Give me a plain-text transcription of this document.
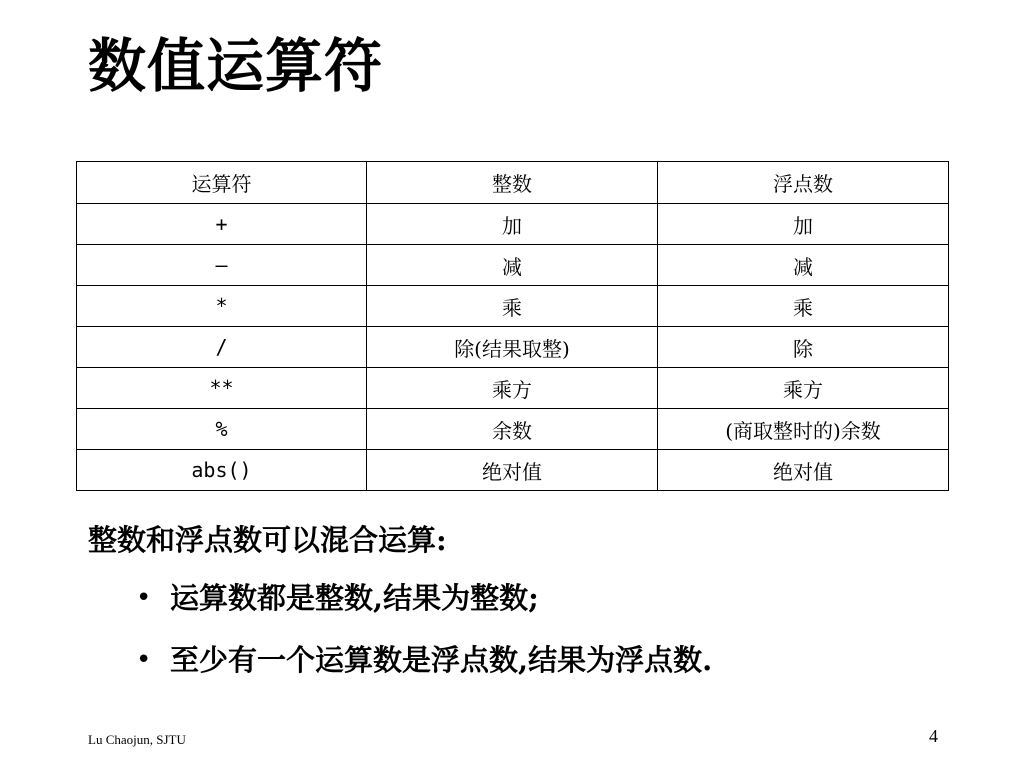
数值运算符
运算符	整数	浮点数
+	加	加
–	减	减
*	乘	乘
/	除(结果取整)	除
**	乘方	乘方
%	余数	(商取整时的)余数
abs()	绝对值	绝对值

整数和浮点数可以混合运算:

• 运算数都是整数,结果为整数;
• 至少有一个运算数是浮点数,结果为浮点数.
Lu Chaojun, SJTU	4
